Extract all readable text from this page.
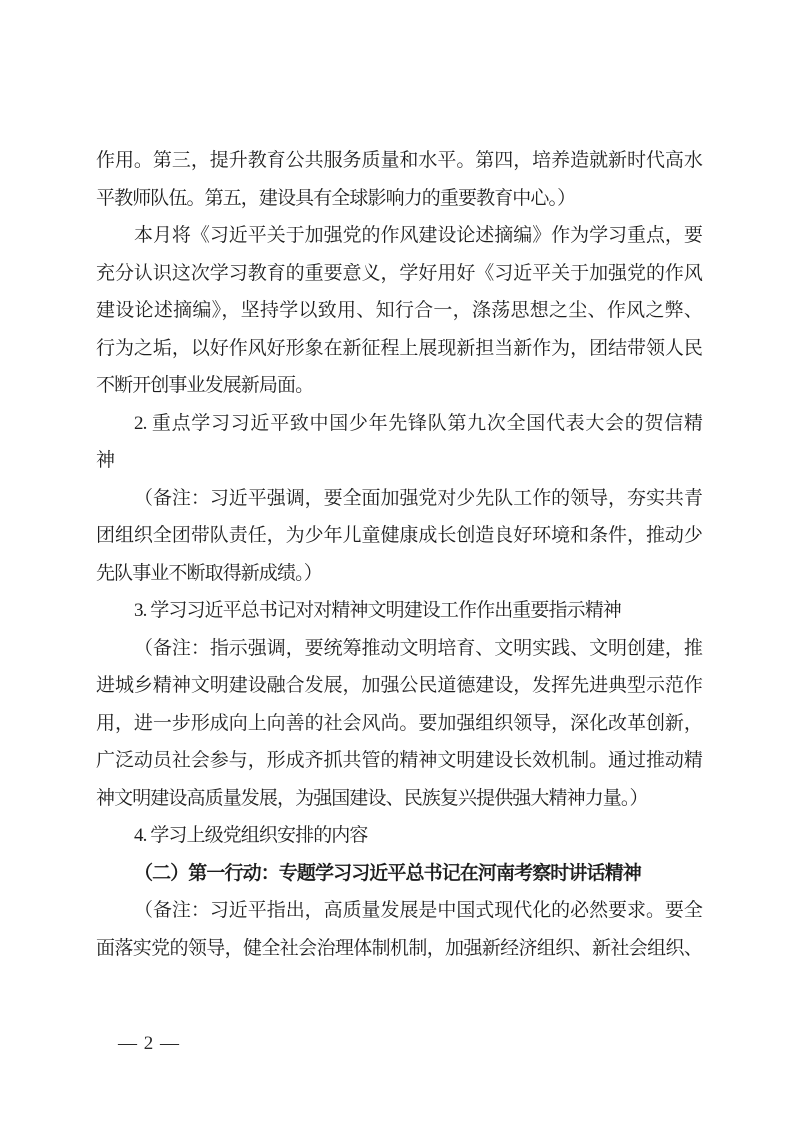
作用。第三，提升教育公共服务质量和水平。第四，培养造就新时代高水
平教师队伍。第五，建设具有全球影响力的重要教育中心。）
本月将《习近平关于加强党的作风建设论述摘编》作为学习重点，要
充分认识这次学习教育的重要意义，学好用好《习近平关于加强党的作风
建设论述摘编》，坚持学以致用、知行合一，涤荡思想之尘、作风之弊、
行为之垢，以好作风好形象在新征程上展现新担当新作为，团结带领人民
不断开创事业发展新局面。
2. 重点学习习近平致中国少年先锋队第九次全国代表大会的贺信精
神
（备注：习近平强调，要全面加强党对少先队工作的领导，夯实共青
团组织全团带队责任，为少年儿童健康成长创造良好环境和条件，推动少
先队事业不断取得新成绩。）
3. 学习习近平总书记对对精神文明建设工作作出重要指示精神
（备注：指示强调，要统筹推动文明培育、文明实践、文明创建，推
进城乡精神文明建设融合发展，加强公民道德建设，发挥先进典型示范作
用，进一步形成向上向善的社会风尚。要加强组织领导，深化改革创新，
广泛动员社会参与，形成齐抓共管的精神文明建设长效机制。通过推动精
神文明建设高质量发展，为强国建设、民族复兴提供强大精神力量。）
4. 学习上级党组织安排的内容
（二）第一行动：专题学习习近平总书记在河南考察时讲话精神
（备注：习近平指出，高质量发展是中国式现代化的必然要求。要全
面落实党的领导，健全社会治理体制机制，加强新经济组织、新社会组织、
— 2 —
